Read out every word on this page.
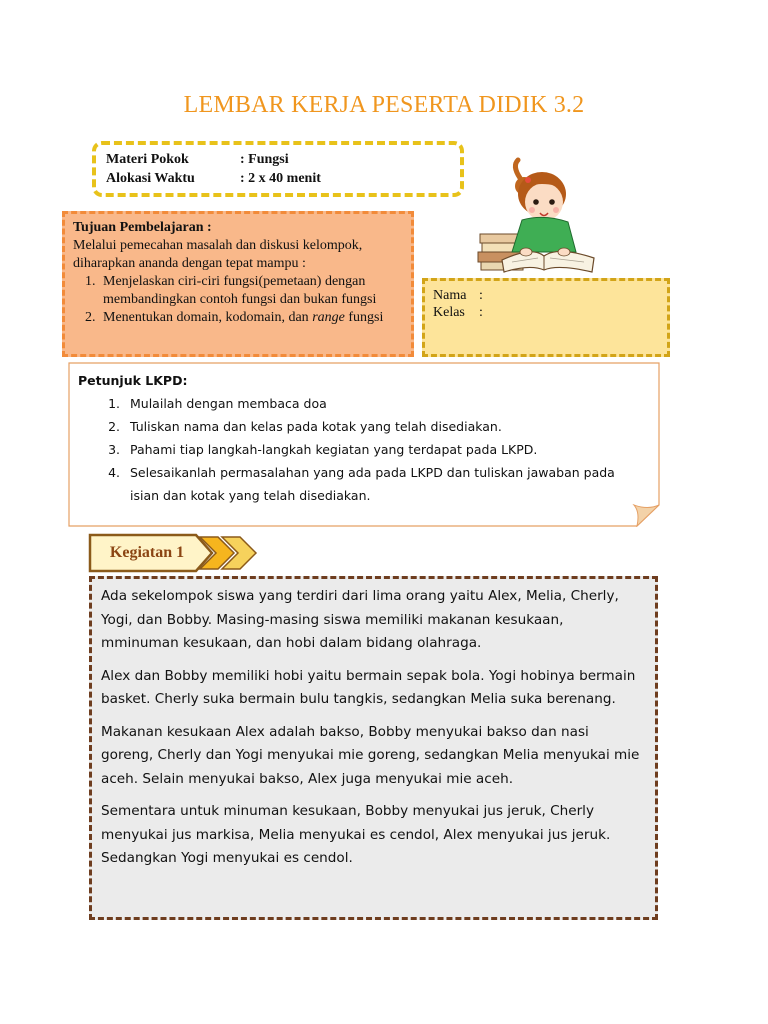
LEMBAR KERJA PESERTA DIDIK 3.2
Materi Pokok	: Fungsi
Alokasi Waktu	: 2 x 40 menit
Tujuan Pembelajaran :
Melalui pemecahan masalah dan diskusi kelompok, diharapkan ananda dengan tepat mampu :
1. Menjelaskan ciri-ciri fungsi(pemetaan) dengan membandingkan contoh fungsi dan bukan fungsi
2. Menentukan domain, kodomain, dan range fungsi
Nama :
Kelas	:
Petunjuk LKPD:
1. Mulailah dengan membaca doa
2. Tuliskan nama dan kelas pada kotak yang telah disediakan.
3. Pahami tiap langkah-langkah kegiatan yang terdapat pada LKPD.
4. Selesaikanlah permasalahan yang ada pada LKPD dan tuliskan jawaban pada isian dan kotak yang telah disediakan.
Kegiatan 1

Ada sekelompok siswa yang terdiri dari lima orang yaitu Alex, Melia, Cherly, Yogi, dan Bobby. Masing-masing siswa memiliki makanan kesukaan, mminuman kesukaan, dan hobi dalam bidang olahraga.

Alex dan Bobby memiliki hobi yaitu bermain sepak bola. Yogi hobinya bermain basket. Cherly suka bermain bulu tangkis, sedangkan Melia suka berenang.

Makanan kesukaan Alex adalah bakso, Bobby menyukai bakso dan nasi goreng, Cherly dan Yogi menyukai mie goreng, sedangkan Melia menyukai mie aceh. Selain menyukai bakso, Alex juga menyukai mie aceh.

Sementara untuk minuman kesukaan, Bobby menyukai jus jeruk, Cherly menyukai jus markisa, Melia menyukai es cendol, Alex menyukai jus jeruk. Sedangkan Yogi menyukai es cendol.
